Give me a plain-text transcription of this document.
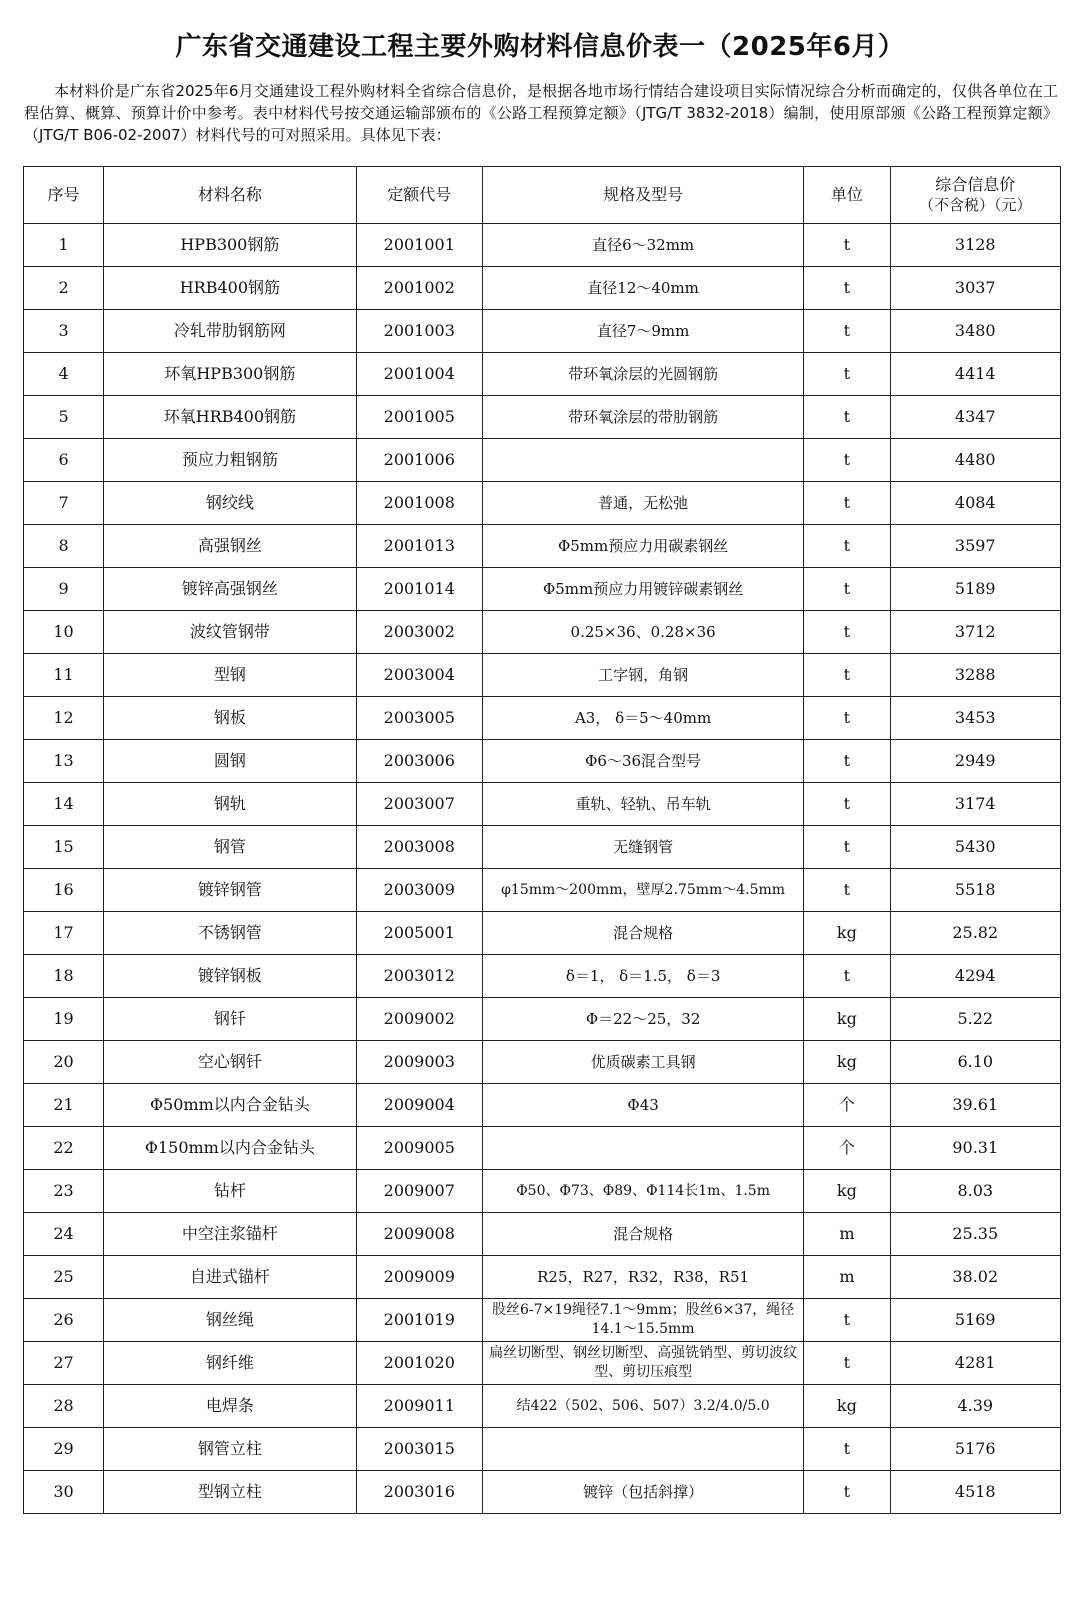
广东省交通建设工程主要外购材料信息价表一（2025年6月）
本材料价是广东省2025年6月交通建设工程外购材料全省综合信息价，是根据各地市场行情结合建设项目实际情况综合分析而确定的，仅供各单位在工程估算、概算、预算计价中参考。表中材料代号按交通运输部颁布的《公路工程预算定额》（JTG/T 3832-2018）编制，使用原部颁《公路工程预算定额》（JTG/T B06-02-2007）材料代号的可对照采用。具体见下表：
序号	材料名称	定额代号	规格及型号	单位	综合信息价
（不含税）（元）

1	HPB300钢筋	2001001	直径6～32mm	t	3128
2	HRB400钢筋	2001002	直径12～40mm	t	3037
3	冷轧带肋钢筋网	2001003	直径7～9mm	t	3480
4	环氧HPB300钢筋	2001004	带环氧涂层的光圆钢筋	t	4414
5	环氧HRB400钢筋	2001005	带环氧涂层的带肋钢筋	t	4347
6	预应力粗钢筋	2001006		t	4480
7	钢绞线	2001008	普通，无松弛	t	4084
8	高强钢丝	2001013	Φ5mm预应力用碳素钢丝	t	3597
9	镀锌高强钢丝	2001014	Φ5mm预应力用镀锌碳素钢丝	t	5189
10	波纹管钢带	2003002	0.25×36、0.28×36	t	3712
11	型钢	2003004	工字钢，角钢	t	3288
12	钢板	2003005	A3， δ＝5～40mm	t	3453
13	圆钢	2003006	Φ6～36混合型号	t	2949
14	钢轨	2003007	重轨、轻轨、吊车轨	t	3174
15	钢管	2003008	无缝钢管	t	5430
16	镀锌钢管	2003009	φ15mm～200mm，壁厚2.75mm～4.5mm	t	5518
17	不锈钢管	2005001	混合规格	kg	25.82
18	镀锌钢板	2003012	δ＝1， δ＝1.5， δ＝3	t	4294
19	钢钎	2009002	Φ＝22～25，32	kg	5.22
20	空心钢钎	2009003	优质碳素工具钢	kg	6.10
21	Φ50mm以内合金钻头	2009004	Φ43	个	39.61
22	Φ150mm以内合金钻头	2009005		个	90.31
23	钻杆	2009007	Φ50、Φ73、Φ89、Φ114长1m、1.5m	kg	8.03
24	中空注浆锚杆	2009008	混合规格	m	25.35
25	自进式锚杆	2009009	R25，R27，R32，R38，R51	m	38.02
26	钢丝绳	2001019	股丝6-7×19绳径7.1～9mm；股丝6×37，绳径14.1～15.5mm	t	5169
27	钢纤维	2001020	扁丝切断型、钢丝切断型、高强铣销型、剪切波纹型、剪切压痕型	t	4281
28	电焊条	2009011	结422（502、506、507）3.2/4.0/5.0	kg	4.39
29	钢管立柱	2003015		t	5176
30	型钢立柱	2003016	镀锌（包括斜撑）	t	4518
